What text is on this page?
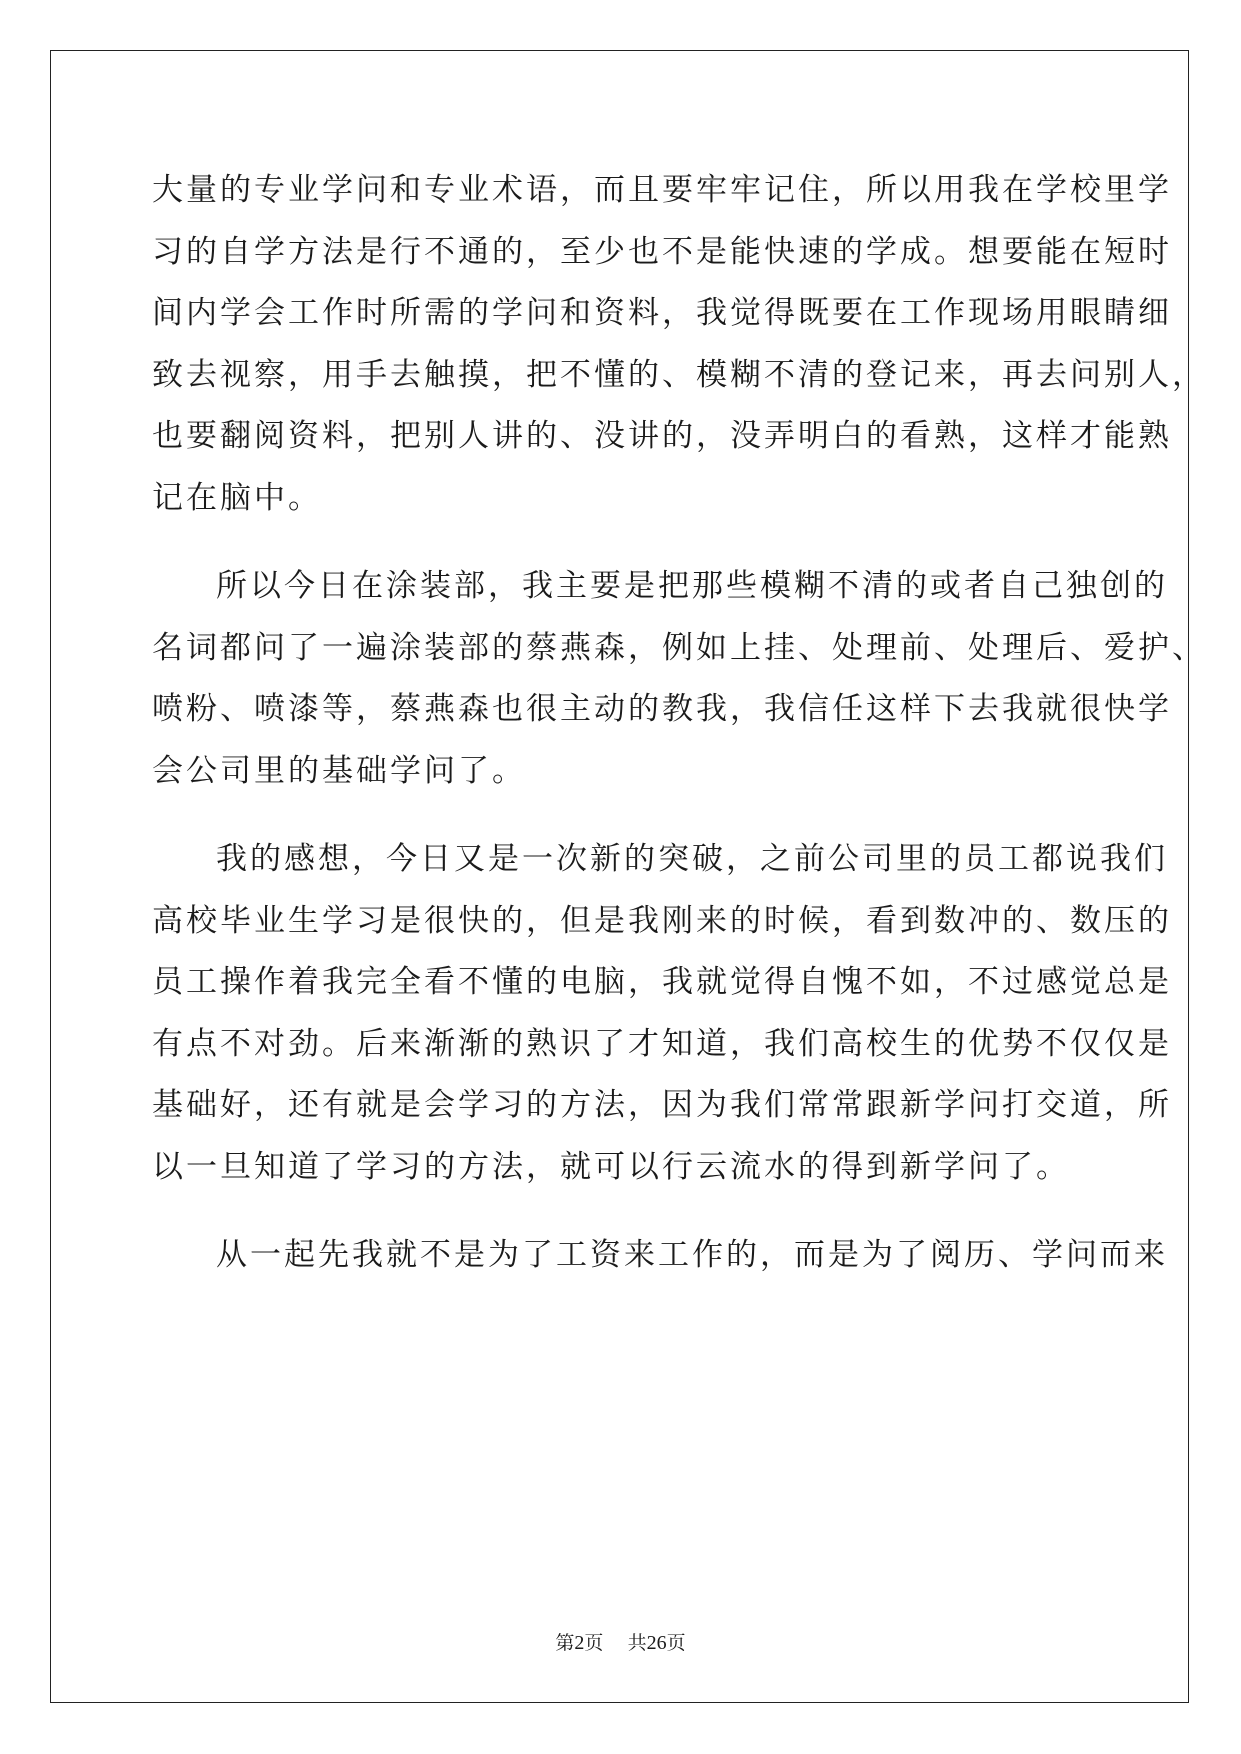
大量的专业学问和专业术语，而且要牢牢记住，所以用我在学校里学
习的自学方法是行不通的，至少也不是能快速的学成。想要能在短时
间内学会工作时所需的学问和资料，我觉得既要在工作现场用眼睛细
致去视察，用手去触摸，把不懂的、模糊不清的登记来，再去问别人，
也要翻阅资料，把别人讲的、没讲的，没弄明白的看熟，这样才能熟
记在脑中。
所以今日在涂装部，我主要是把那些模糊不清的或者自己独创的
名词都问了一遍涂装部的蔡燕森，例如上挂、处理前、处理后、爱护、
喷粉、喷漆等，蔡燕森也很主动的教我，我信任这样下去我就很快学
会公司里的基础学问了。
我的感想，今日又是一次新的突破，之前公司里的员工都说我们
高校毕业生学习是很快的，但是我刚来的时候，看到数冲的、数压的
员工操作着我完全看不懂的电脑，我就觉得自愧不如，不过感觉总是
有点不对劲。后来渐渐的熟识了才知道，我们高校生的优势不仅仅是
基础好，还有就是会学习的方法，因为我们常常跟新学问打交道，所
以一旦知道了学习的方法，就可以行云流水的得到新学问了。
从一起先我就不是为了工资来工作的，而是为了阅历、学问而来
第2页 共26页
